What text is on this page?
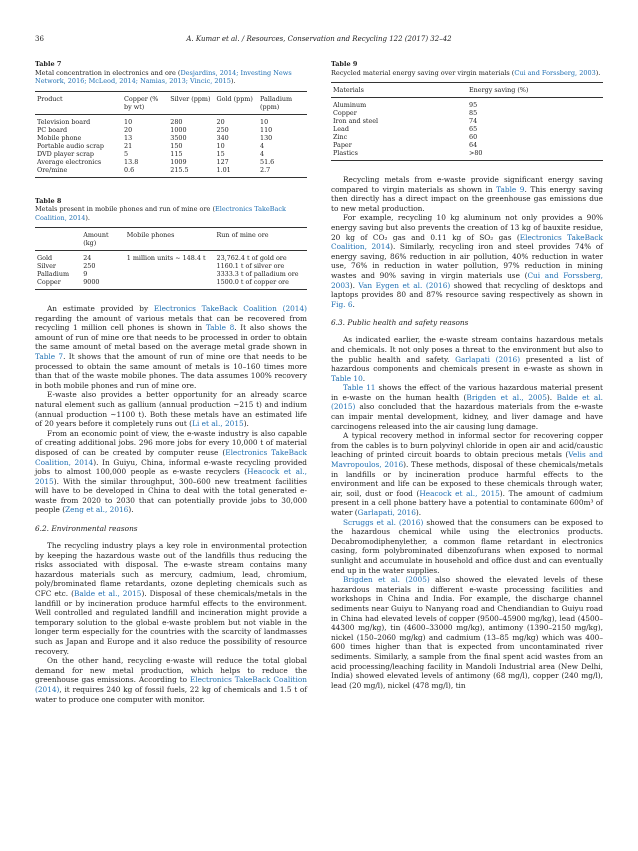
36	A. Kumar et al. / Resources, Conservation and Recycling 122 (2017) 32–42
Table 7
Metal concentration in electronics and ore (Desjardins, 2014; Investing News Network, 2016; McLeod, 2014; Namias, 2013; Vincic, 2015).
Product	Copper (% by wt)	Silver (ppm)	Gold (ppm)	Palladium (ppm)
Television board	10	280	20	10
PC board	20	1000	250	110
Mobile phone	13	3500	340	130
Portable audio scrap	21	150	10	4
DVD player scrap	5	115	15	4
Average electronics	13.8	1009	127	51.6
Ore/mine	0.6	215.5	1.01	2.7
Table 8
Metals present in mobile phones and run of mine ore (Electronics TakeBack Coalition, 2014).
	Amount (kg)	Mobile phones	Run of mine ore
Gold	24	1 million units ~ 148.4 t	23,762.4 t of gold ore
Silver	250		1160.1 t of silver ore
Palladium	9		3333.3 t of palladium ore
Copper	9000		1500.0 t of copper ore

An estimate provided by Electronics TakeBack Coalition (2014) regarding the amount of various metals that can be recovered from recycling 1 million cell phones is shown in Table 8. It also shows the amount of run of mine ore that needs to be processed in order to obtain the same amount of metal based on the average metal grade shown in Table 7. It shows that the amount of run of mine ore that needs to be processed to obtain the same amount of metals is 10–160 times more than that of the waste mobile phones. The data assumes 100% recovery in both mobile phones and run of mine ore.

E-waste also provides a better opportunity for an already scarce natural element such as gallium (annual production ~215 t) and indium (annual production ~1100 t). Both these metals have an estimated life of 20 years before it completely runs out (Li et al., 2015).

From an economic point of view, the e-waste industry is also capable of creating additional jobs. 296 more jobs for every 10,000 t of material disposed of can be created by computer reuse (Electronics TakeBack Coalition, 2014). In Guiyu, China, informal e-waste recycling provided jobs to almost 100,000 people as e-waste recyclers (Heacock et al., 2015). With the similar throughput, 300–600 new treatment facilities will have to be developed in China to deal with the total generated e-waste from 2020 to 2030 that can potentially provide jobs to 30,000 people (Zeng et al., 2016).

6.2. Environmental reasons

The recycling industry plays a key role in environmental protection by keeping the hazardous waste out of the landfills thus reducing the risks associated with disposal. The e-waste stream contains many hazardous materials such as mercury, cadmium, lead, chromium, poly/brominated flame retardants, ozone depleting chemicals such as CFC etc. (Balde et al., 2015). Disposal of these chemicals/metals in the landfill or by incineration produce harmful effects to the environment. Well controlled and regulated landfill and incineration might provide a temporary solution to the global e-waste problem but not viable in the longer term especially for the countries with the scarcity of landmasses such as Japan and Europe and it also reduce the possibility of resource recovery.

On the other hand, recycling e-waste will reduce the total global demand for new metal production, which helps to reduce the greenhouse gas emissions. According to Electronics TakeBack Coalition (2014), it requires 240 kg of fossil fuels, 22 kg of chemicals and 1.5 t of water to produce one computer with monitor.

Table 9
Recycled material energy saving over virgin materials (Cui and Forssberg, 2003).
Materials	Energy saving (%)
Aluminum	95
Copper	85
Iron and steel	74
Lead	65
Zinc	60
Paper	64
Plastics	>80

Recycling metals from e-waste provide significant energy saving compared to virgin materials as shown in Table 9. This energy saving then directly has a direct impact on the greenhouse gas emissions due to new metal production.

For example, recycling 10 kg aluminum not only provides a 90% energy saving but also prevents the creation of 13 kg of bauxite residue, 20 kg of CO₂ gas and 0.11 kg of SO₂ gas (Electronics TakeBack Coalition, 2014). Similarly, recycling iron and steel provides 74% of energy saving, 86% reduction in air pollution, 40% reduction in water use, 76% in reduction in water pollution, 97% reduction in mining wastes and 90% saving in virgin materials use (Cui and Forssberg, 2003). Van Eygen et al. (2016) showed that recycling of desktops and laptops provides 80 and 87% resource saving respectively as shown in Fig. 6.

6.3. Public health and safety reasons

As indicated earlier, the e-waste stream contains hazardous metals and chemicals. It not only poses a threat to the environment but also to the public health and safety. Garlapati (2016) presented a list of hazardous components and chemicals present in e-waste as shown in Table 10.

Table 11 shows the effect of the various hazardous material present in e-waste on the human health (Brigden et al., 2005). Balde et al. (2015) also concluded that the hazardous materials from the e-waste can impair mental development, kidney, and liver damage and have carcinogens released into the air causing lung damage.

A typical recovery method in informal sector for recovering copper from the cables is to burn polyvinyl chloride in open air and acid/caustic leaching of printed circuit boards to obtain precious metals (Velis and Mavropoulos, 2016). These methods, disposal of these chemicals/metals in landfills or by incineration produce harmful effects to the environment and life can be exposed to these chemicals through water, air, soil, dust or food (Heacock et al., 2015). The amount of cadmium present in a cell phone battery have a potential to contaminate 600m³ of water (Garlapati, 2016).

Scruggs et al. (2016) showed that the consumers can be exposed to the hazardous chemical while using the electronics products. Decabromodiphenylether, a common flame retardant in electronics casing, form polybrominated dibenzofurans when exposed to normal sunlight and accumulate in household and office dust and can eventually end up in the water supplies.

Brigden et al. (2005) also showed the elevated levels of these hazardous materials in different e-waste processing facilities and workshops in China and India. For example, the discharge channel sediments near Guiyu to Nanyang road and Chendiandian to Guiyu road in China had elevated levels of copper (9500–45900 mg/kg), lead (4500–44300 mg/kg), tin (4600–33000 mg/kg), antimony (1390–2150 mg/kg), nickel (150–2060 mg/kg) and cadmium (13–85 mg/kg) which was 400–600 times higher than that is expected from uncontaminated river sediments. Similarly, a sample from the final spent acid wastes from an acid processing/leaching facility in Mandoli Industrial area (New Delhi, India) showed elevated levels of antimony (68 mg/l), copper (240 mg/l), lead (20 mg/l), nickel (478 mg/l), tin
